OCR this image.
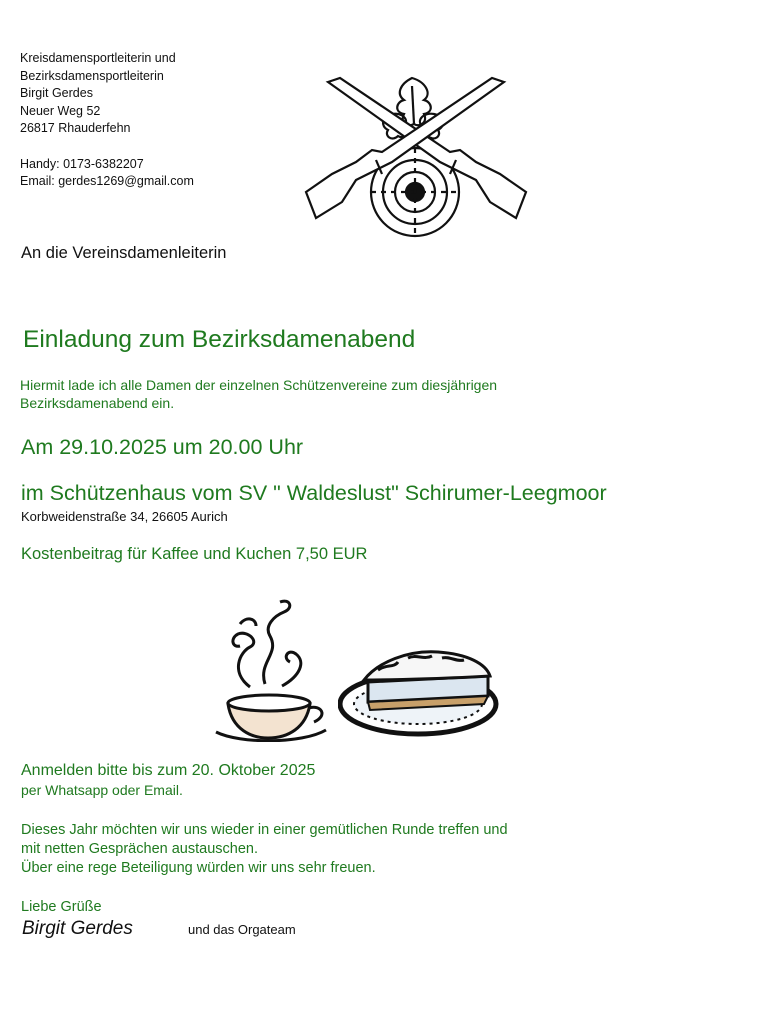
Kreisdamensportleiterin und
Bezirksdamensportleiterin
Birgit Gerdes
Neuer Weg 52
26817 Rhauderfehn
Handy: 0173-6382207
Email: gerdes1269@gmail.com
An die Vereinsdamenleiterin
Einladung zum Bezirksdamenabend
Hiermit lade ich alle Damen der einzelnen Schützenvereine zum diesjährigen
Bezirksdamenabend ein.
Am 29.10.2025 um 20.00 Uhr
im Schützenhaus vom SV " Waldeslust" Schirumer-Leegmoor
Korbweidenstraße 34, 26605 Aurich
Kostenbeitrag für Kaffee und Kuchen 7,50 EUR
Anmelden bitte bis zum 20. Oktober 2025
per Whatsapp oder Email.
Dieses Jahr möchten wir uns wieder in einer gemütlichen Runde treffen und
mit netten Gesprächen austauschen.
Über eine rege Beteiligung würden wir uns sehr freuen.
Liebe Grüße
Birgit Gerdes	und das Orgateam
